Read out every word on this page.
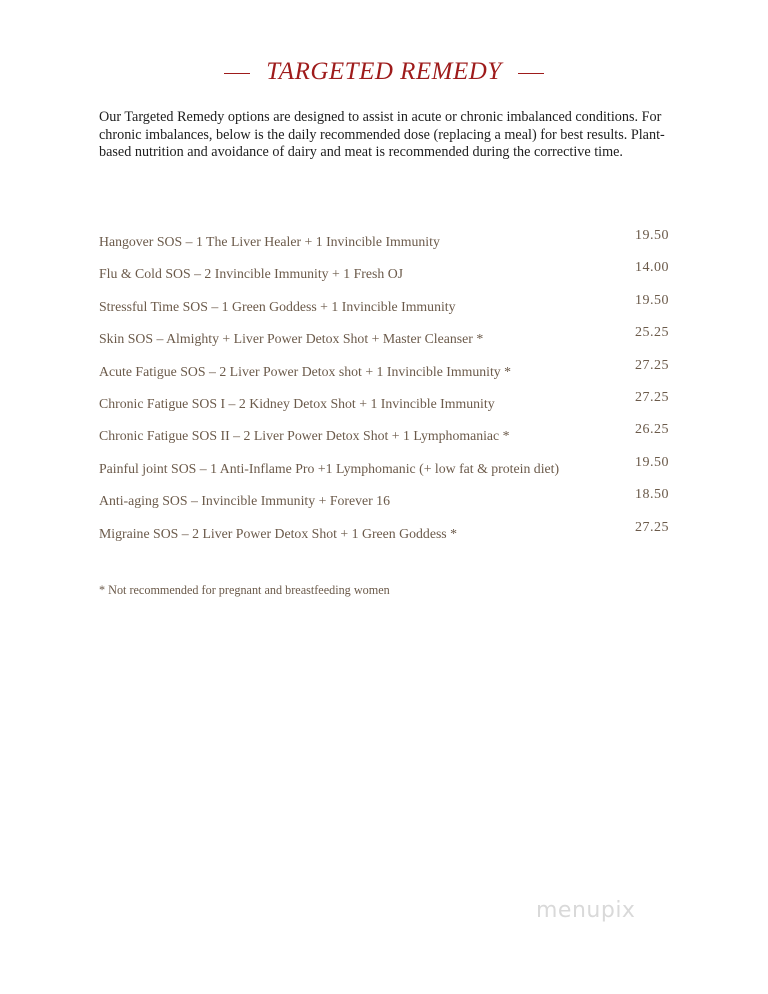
TARGETED REMEDY

Our Targeted Remedy options are designed to assist in acute or chronic imbalanced conditions. For chronic imbalances, below is the daily recommended dose (replacing a meal) for best results. Plant-based nutrition and avoidance of dairy and meat is recommended during the corrective time.

Hangover SOS – 1 The Liver Healer + 1 Invincible Immunity	19.50
Flu & Cold SOS – 2 Invincible Immunity + 1 Fresh OJ	14.00
Stressful Time SOS – 1 Green Goddess + 1 Invincible Immunity	19.50
Skin SOS – Almighty + Liver Power Detox Shot + Master Cleanser *	25.25
Acute Fatigue SOS – 2 Liver Power Detox shot + 1 Invincible Immunity *	27.25
Chronic Fatigue SOS I – 2 Kidney Detox Shot + 1 Invincible Immunity	27.25
Chronic Fatigue SOS II – 2 Liver Power Detox Shot + 1 Lymphomaniac *	26.25
Painful joint SOS – 1 Anti-Inflame Pro +1 Lymphomanic (+ low fat & protein diet)	19.50
Anti-aging SOS – Invincible Immunity + Forever 16	18.50
Migraine SOS – 2 Liver Power Detox Shot + 1 Green Goddess *	27.25

* Not recommended for pregnant and breastfeeding women

menupix
